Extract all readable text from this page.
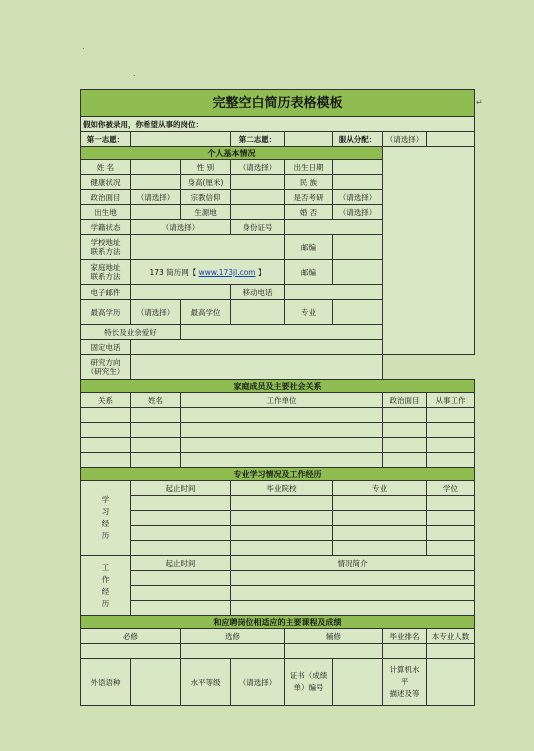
.
.
↵
完整空白简历表格模板							
假如你被录用，你希望从事的岗位：							
第一志愿：			第二志愿：		服从分配：	（请选择）	
个人基本情况							
姓 名		性 别	（请选择）	出生日期			
健康状况		身高(厘米)		民 族			
政治面目	（请选择）	宗教信仰		是否考研	（请选择）		
出生地		生源地		婚 否	（请选择）		
学籍状态	（请选择）		身份证号				
学校地址
联系方法				邮编			
家庭地址
联系方法	173 简历网【 www.173jl.com 】			邮编			
电子邮件			移动电话				
最高学历	（请选择）	最高学位		专业			
特长及业余爱好							
固定电话							
研究方向
（研究生）							
家庭成员及主要社会关系							
关系	姓名	工作单位				政治面目	从事工作

专业学习情况及工作经历							
学
习
经
历	起止时间		毕业院校		专业		学位

工
作
经
历	起止时间		情况简介				

和应聘岗位相适应的主要课程及成绩							
必修		选修		辅修		毕业排名	本专业人数

外语语种		水平等级	（请选择）	证书（成绩
单）编号		计算机水
平
描述及等	
